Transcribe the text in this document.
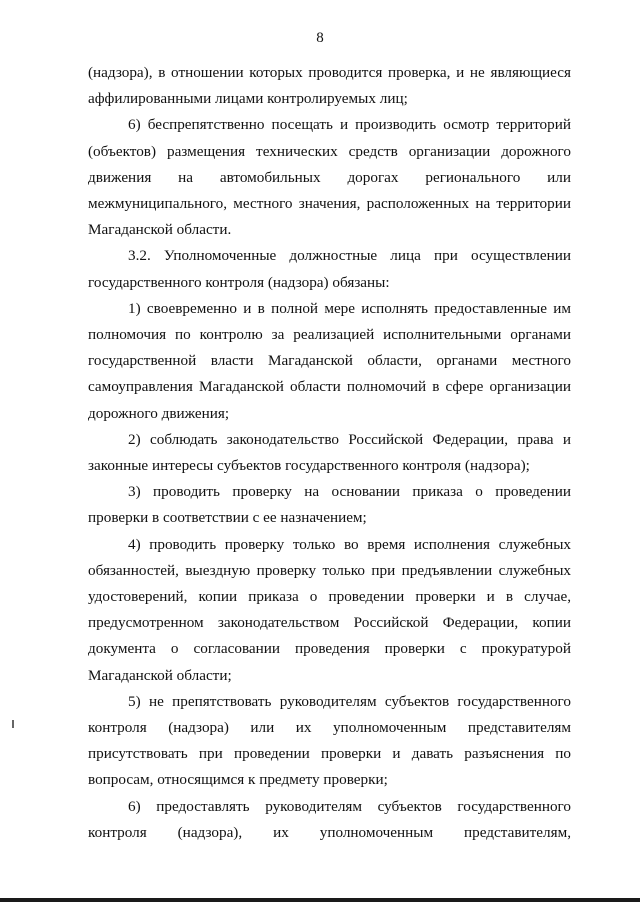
8

(надзора), в отношении которых проводится проверка, и не являющиеся аффилированными лицами контролируемых лиц;

6) беспрепятственно посещать и производить осмотр территорий (объектов) размещения технических средств организации дорожного движения на автомобильных дорогах регионального или межмуниципального, местного значения, расположенных на территории Магаданской области.

3.2. Уполномоченные должностные лица при осуществлении государственного контроля (надзора) обязаны:

1) своевременно и в полной мере исполнять предоставленные им полномочия по контролю за реализацией исполнительными органами государственной власти Магаданской области, органами местного самоуправления Магаданской области полномочий в сфере организации дорожного движения;

2) соблюдать законодательство Российской Федерации, права и законные интересы субъектов государственного контроля (надзора);

3) проводить проверку на основании приказа о проведении проверки в соответствии с ее назначением;

4) проводить проверку только во время исполнения служебных обязанностей, выездную проверку только при предъявлении служебных удостоверений, копии приказа о проведении проверки и в случае, предусмотренном законодательством Российской Федерации, копии документа о согласовании проведения проверки с прокуратурой Магаданской области;

5) не препятствовать руководителям субъектов государственного контроля (надзора) или их уполномоченным представителям присутствовать при проведении проверки и давать разъяснения по вопросам, относящимся к предмету проверки;

6) предоставлять руководителям субъектов государственного контроля (надзора), их уполномоченным представителям,
